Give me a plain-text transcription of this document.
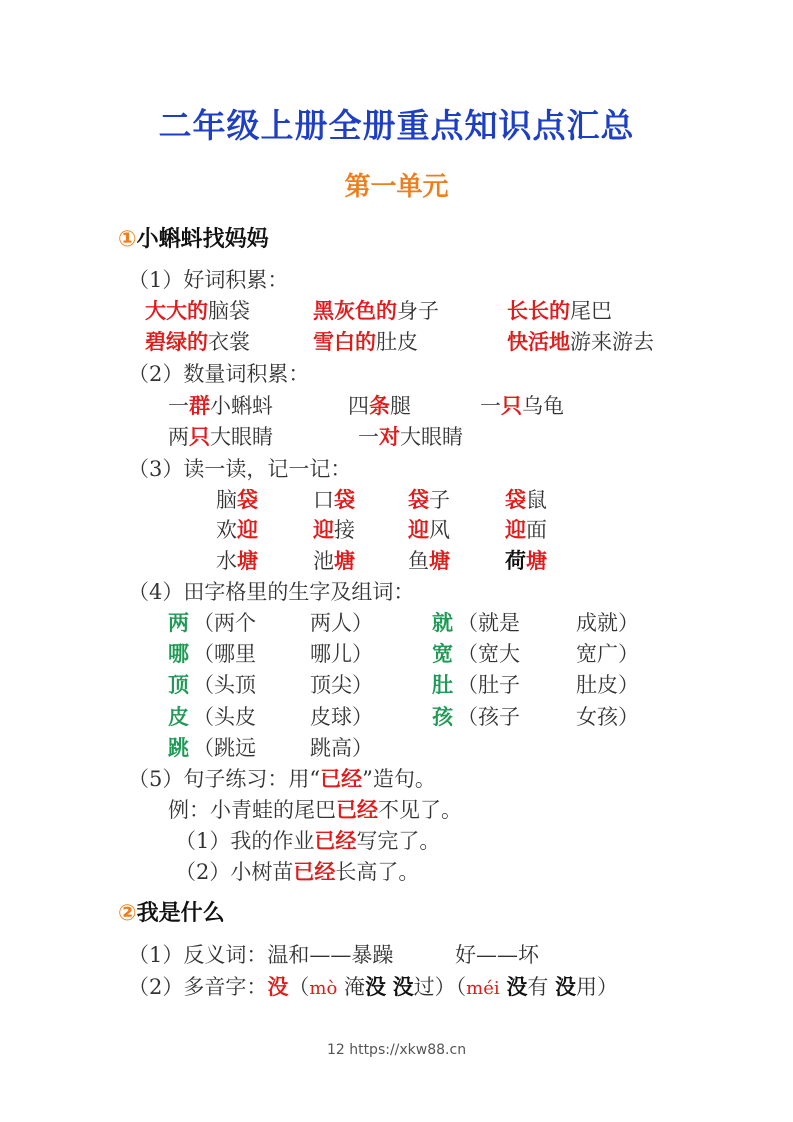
二年级上册全册重点知识点汇总
第一单元
①小蝌蚪找妈妈
②我是什么
（1）好词积累：
大大的脑袋	黑灰色的身子	长长的尾巴
碧绿的衣裳	雪白的肚皮	快活地游来游去
（2）数量词积累：
一群小蝌蚪	四条腿	一只乌龟
两只大眼睛	一对大眼睛
（3）读一读，记一记：
脑袋	口袋	袋子	袋鼠
欢迎	迎接	迎风	迎面
水塘	池塘	鱼塘	荷塘
（4）田字格里的生字及组词：
两 （两个	两人）	就 （就是	成就）
哪 （哪里	哪儿）	宽 （宽大	宽广）
顶 （头顶	顶尖）	肚 （肚子	肚皮）
皮 （头皮	皮球）	孩 （孩子	女孩）
跳 （跳远	跳高）
（5）句子练习：用“已经”造句。
例：小青蛙的尾巴已经不见了。
（1）我的作业已经写完了。
（2）小树苗已经长高了。
（1）反义词：温和——暴躁	好——坏
（2）多音字：没（mò 淹没 没过）（méi 没有 没用）
12 https://xkw88.cn
